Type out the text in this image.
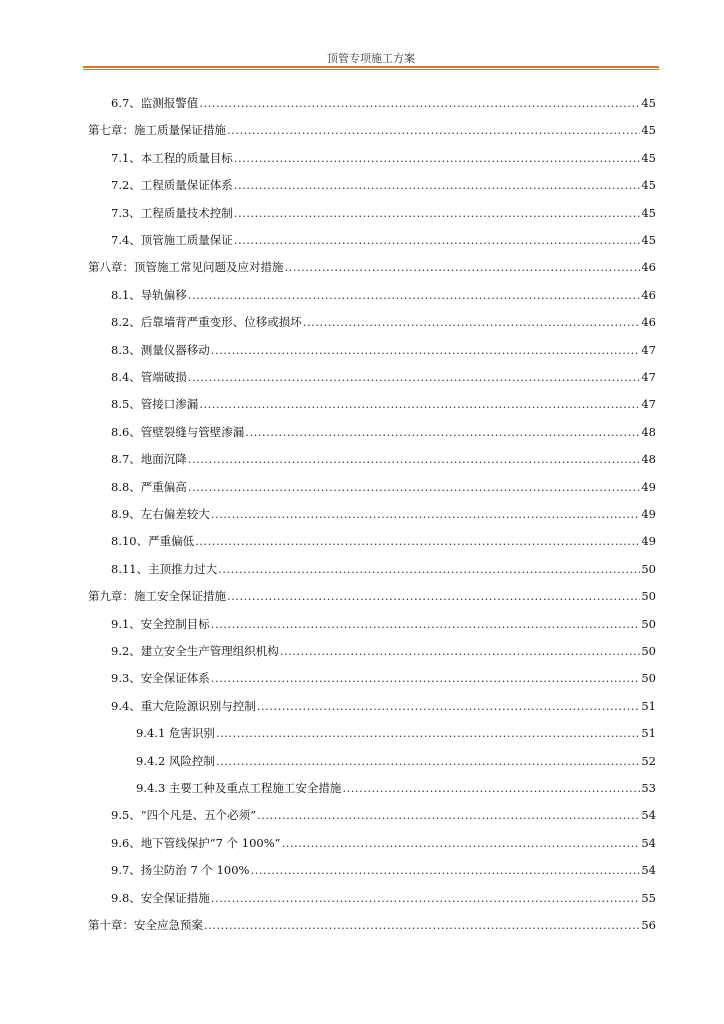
顶管专项施工方案
6.7、监测报警值 .....	45
第七章：施工质量保证措施 .....	45
7.1、本工程的质量目标 .....	45
7.2、工程质量保证体系 .....	45
7.3、工程质量技术控制 .....	45
7.4、顶管施工质量保证 .....	45
第八章：顶管施工常见问题及应对措施 .....	46
8.1、导轨偏移 .....	46
8.2、后靠墙背严重变形、位移或损坏 .....	46
8.3、测量仪器移动 .....	47
8.4、管端破损 .....	47
8.5、管接口渗漏 .....	47
8.6、管壁裂缝与管壁渗漏 .....	48
8.7、地面沉降 .....	48
8.8、严重偏高 .....	49
8.9、左右偏差较大 .....	49
8.10、严重偏低 .....	49
8.11、主顶推力过大 .....	50
第九章：施工安全保证措施 .....	50
9.1、安全控制目标 .....	50
9.2、建立安全生产管理组织机构 .....	50
9.3、安全保证体系 .....	50
9.4、重大危险源识别与控制 .....	51
9.4.1 危害识别 .....	51
9.4.2 风险控制 .....	52
9.4.3 主要工种及重点工程施工安全措施 .....	53
9.5、“四个凡是、五个必须” .....	54
9.6、地下管线保护“7 个 100%” .....	54
9.7、扬尘防治 7 个 100% .....	54
9.8、安全保证措施 .....	55
第十章：安全应急预案 .....	56
